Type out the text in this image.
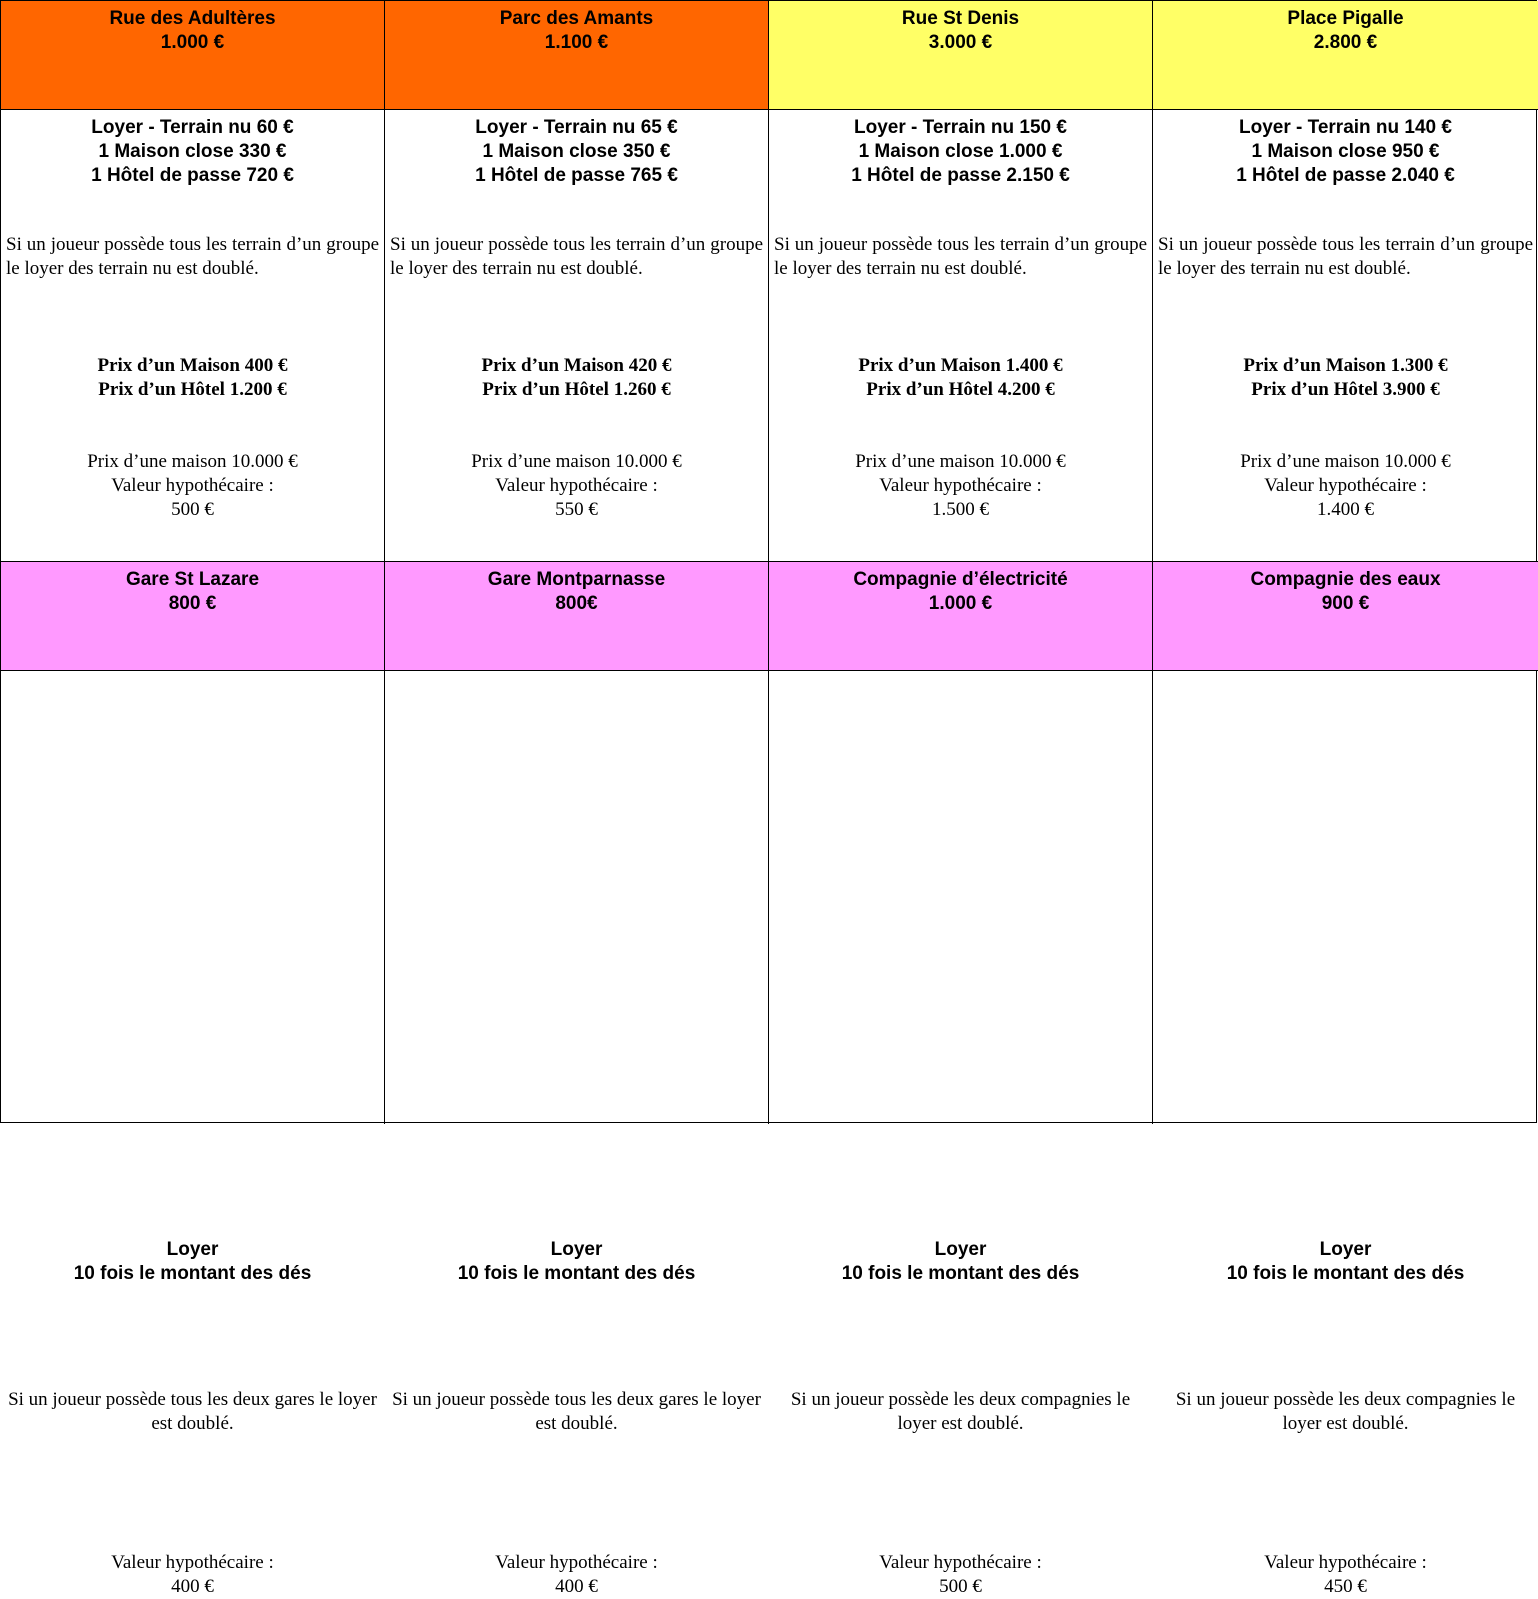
Rue des Adultères
1.000 €
Loyer - Terrain nu 60 €
1 Maison close 330 €
1 Hôtel de passe 720 €
Si un joueur possède tous les terrain d’un groupe le loyer des terrain nu est doublé.
Prix d’un Maison 400 €
Prix d’un Hôtel 1.200 €
Prix d’une maison 10.000 €
Valeur hypothécaire :
500 €
Parc des Amants
1.100 €
Loyer - Terrain nu 65 €
1 Maison close 350 €
1 Hôtel de passe 765 €
Si un joueur possède tous les terrain d’un groupe le loyer des terrain nu est doublé.
Prix d’un Maison 420 €
Prix d’un Hôtel 1.260 €
Prix d’une maison 10.000 €
Valeur hypothécaire :
550 €
Rue St Denis
3.000 €
Loyer - Terrain nu 150 €
1 Maison close 1.000 €
1 Hôtel de passe 2.150 €
Si un joueur possède tous les terrain d’un groupe le loyer des terrain nu est doublé.
Prix d’un Maison 1.400 €
Prix d’un Hôtel 4.200 €
Prix d’une maison 10.000 €
Valeur hypothécaire :
1.500 €
Place Pigalle
2.800 €
Loyer - Terrain nu 140 €
1 Maison close 950 €
1 Hôtel de passe 2.040 €
Si un joueur possède tous les terrain d’un groupe le loyer des terrain nu est doublé.
Prix d’un Maison 1.300 €
Prix d’un Hôtel 3.900 €
Prix d’une maison 10.000 €
Valeur hypothécaire :
1.400 €
Gare St Lazare
800 €
Loyer
10 fois le montant des dés
Si un joueur possède tous les deux gares le loyer est doublé.
Valeur hypothécaire :
400 €
Gare Montparnasse
800€
Loyer
10 fois le montant des dés
Si un joueur possède tous les deux gares le loyer est doublé.
Valeur hypothécaire :
400 €
Compagnie d’électricité
1.000 €
Loyer
10 fois le montant des dés
Si un joueur possède les deux compagnies le loyer est doublé.
Valeur hypothécaire :
500 €
Compagnie des eaux
900 €
Loyer
10 fois le montant des dés
Si un joueur possède les deux compagnies le loyer est doublé.
Valeur hypothécaire :
450 €
